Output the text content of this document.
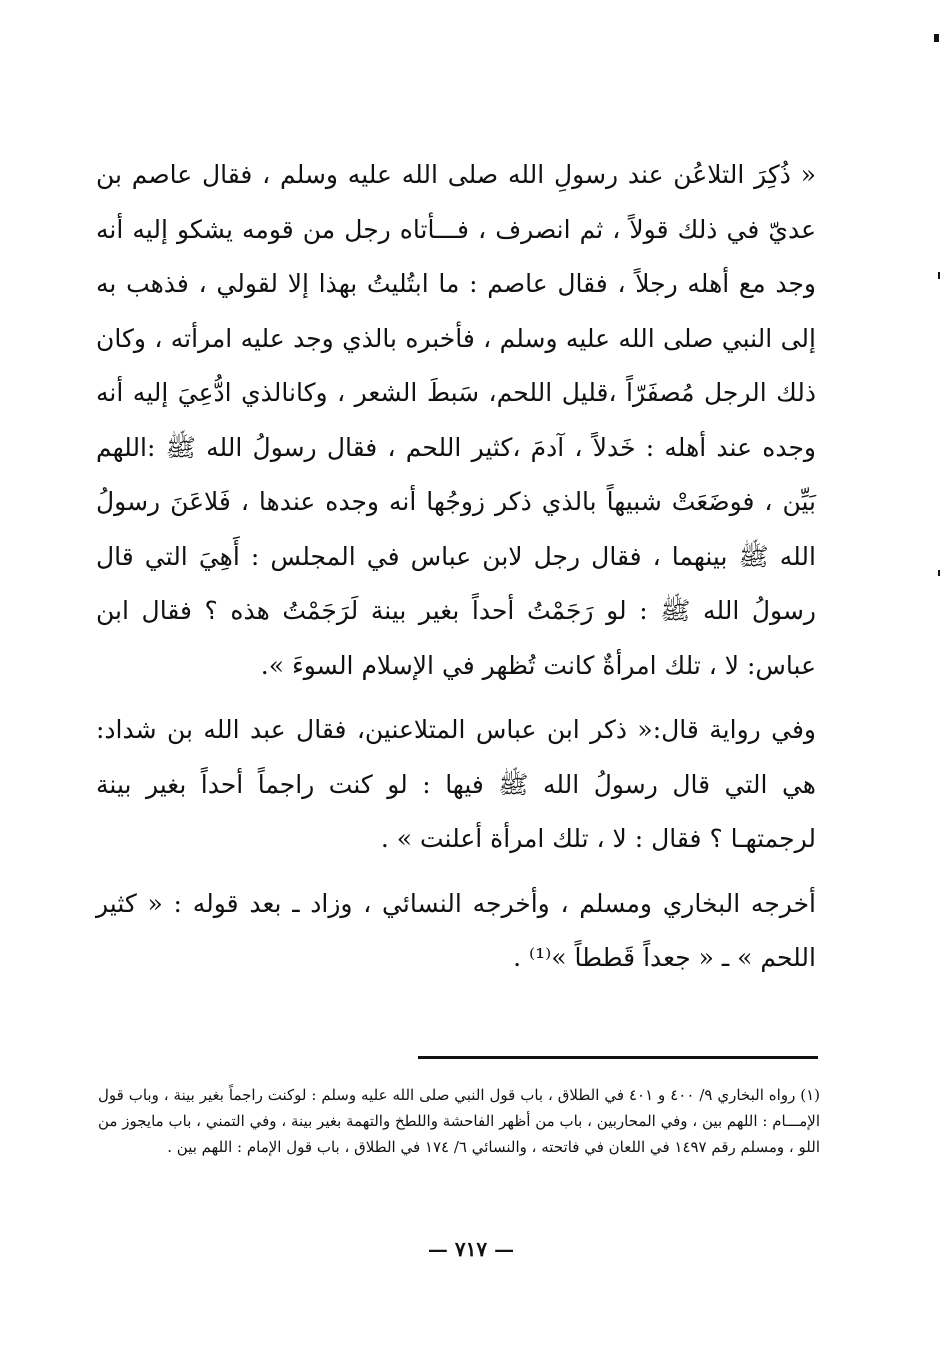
« ذُكِرَ التلاعُن عند رسولِ الله صلى الله عليه وسلم ، فقال عاصم بن عديّ في ذلك قولاً ، ثم انصرف ، فـــأتاه رجل من قومه يشكو إليه أنه وجد مع أهله رجلاً ، فقال عاصم : ما ابتُليتُ بهذا إلا لقولي ، فذهب به إلى النبي صلى الله عليه وسلم ، فأخبره بالذي وجد عليه امرأته ، وكان ذلك الرجل مُصفَرّاً ،قليل اللحم، سَبطَ الشعر ، وكانالذي ادُّعِيَ إليه أنه وجده عند أهله : خَدلاً ، آدمَ ،كثير اللحم ، فقال رسولُ الله ﷺ :اللهم بَيِّن ، فوضَعَتْ شبيهاً بالذي ذكر زوجُها أنه وجده عندها ، فَلاعَنَ رسولُ الله ﷺ بينهما ، فقال رجل لابن عباس في المجلس : أَهِيَ التي قال رسولُ الله ﷺ : لو رَجَمْتُ أحداً بغير بينة لَرَجَمْتُ هذه ؟ فقال ابن عباس: لا ، تلك امرأةٌ كانت تُظهر في الإسلام السوءَ ».

وفي رواية قال:« ذكر ابن عباس المتلاعنين، فقال عبد الله بن شداد: هي التي قال رسولُ الله ﷺ فيها : لو كنت راجماً أحداً بغير بينة لرجمتهـا ؟ فقال : لا ، تلك امرأة أعلنت » .

أخرجه البخاري ومسلم ، وأخرجه النسائي ، وزاد ـ بعد قوله : « كثير اللحم » ـ « جعداً قَططاً »⁽¹⁾ .

(١) رواه البخاري ٩/ ٤٠٠ و ٤٠١ في الطلاق ، باب قول النبي صلى الله عليه وسلم : لوكنت راجماً بغير بينة ، وباب قول الإمـــام : اللهم بين ، وفي المحاربين ، باب من أظهر الفاحشة واللطخ والتهمة بغير بينة ، وفي التمني ، باب مايجوز من اللو ، ومسلم رقم ١٤٩٧ في اللعان في فاتحته ، والنسائي ٦/ ١٧٤ في الطلاق ، باب قول الإمام : اللهم بين .

— ٧١٧ —
